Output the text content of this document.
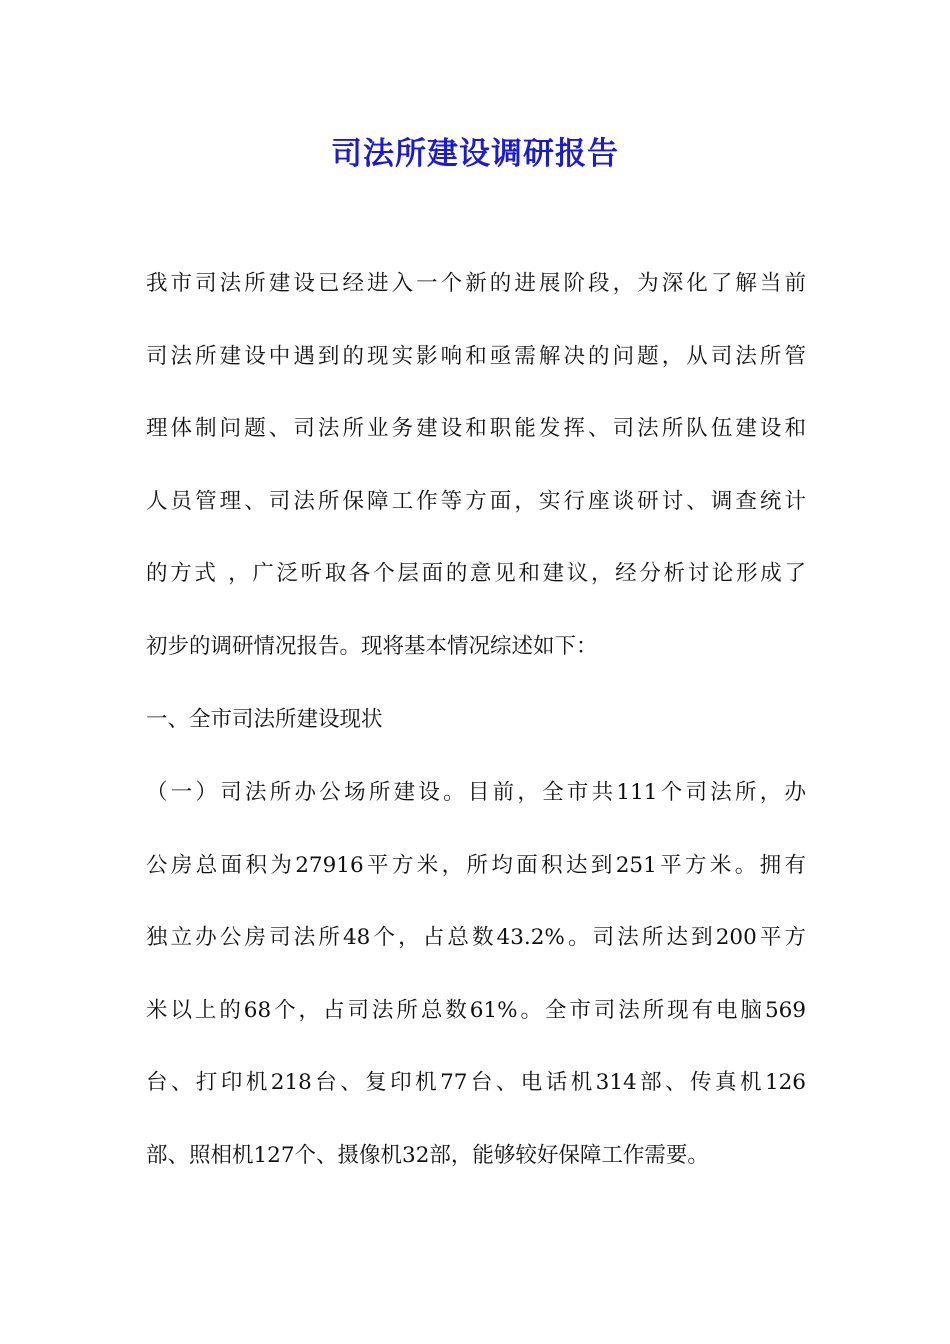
司法所建设调研报告
我市司法所建设已经进入一个新的进展阶段，为深化了解当前
司法所建设中遇到的现实影响和亟需解决的问题，从司法所管
理体制问题、司法所业务建设和职能发挥、司法所队伍建设和
人员管理、司法所保障工作等方面，实行座谈研讨、调查统计
的方式 ，广泛听取各个层面的意见和建议，经分析讨论形成了
初步的调研情况报告。现将基本情况综述如下：
一、全市司法所建设现状
（一）司法所办公场所建设。目前，全市共111个司法所，办
公房总面积为27916平方米，所均面积达到251平方米。拥有
独立办公房司法所48个，占总数43.2%。司法所达到200平方
米以上的68个，占司法所总数61%。全市司法所现有电脑569
台、打印机218台、复印机77台、电话机314部、传真机126
部、照相机127个、摄像机32部，能够较好保障工作需要。
